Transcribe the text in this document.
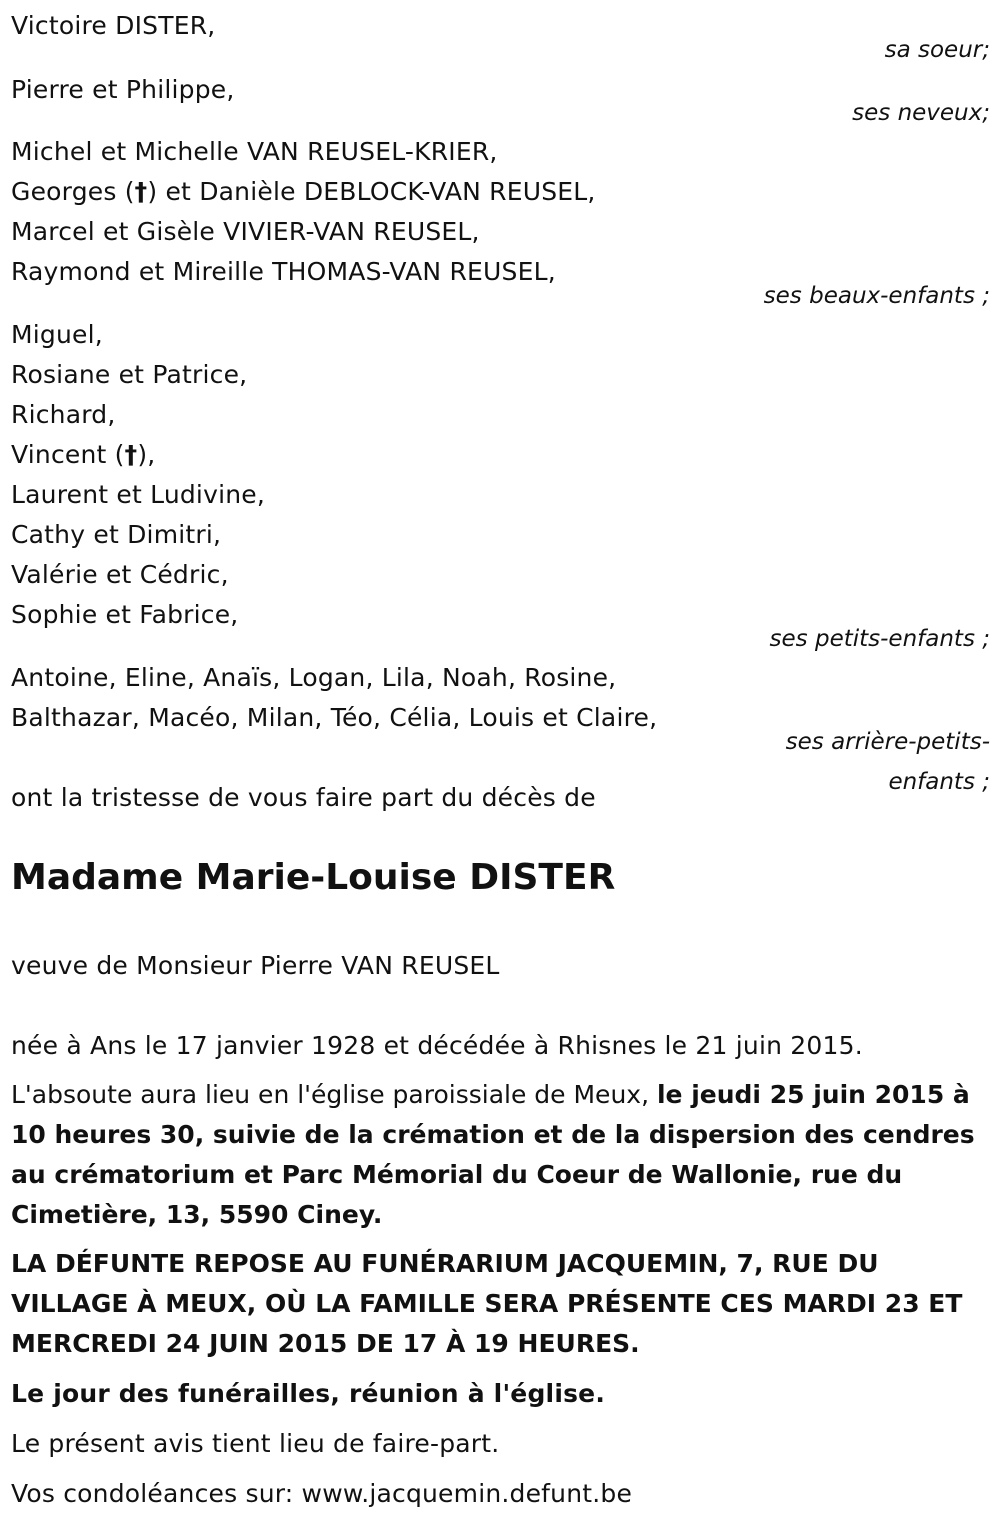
Victoire DISTER,
sa soeur;
Pierre et Philippe,
ses neveux;
Michel et Michelle VAN REUSEL-KRIER,
Georges (†) et Danièle DEBLOCK-VAN REUSEL,
Marcel et Gisèle VIVIER-VAN REUSEL,
Raymond et Mireille THOMAS-VAN REUSEL,
ses beaux-enfants ;
Miguel,
Rosiane et Patrice,
Richard,
Vincent (†),
Laurent et Ludivine,
Cathy et Dimitri,
Valérie et Cédric,
Sophie et Fabrice,
ses petits-enfants ;
Antoine, Eline, Anaïs, Logan, Lila, Noah, Rosine,
Balthazar, Macéo, Milan, Téo, Célia, Louis et Claire,
ses arrière-petits-
enfants ;
ont la tristesse de vous faire part du décès de
Madame Marie-Louise DISTER
veuve de Monsieur Pierre VAN REUSEL
née à Ans le 17 janvier 1928 et décédée à Rhisnes le 21 juin 2015.
L'absoute aura lieu en l'église paroissiale de Meux, le jeudi 25 juin 2015 à 10 heures 30, suivie de la crémation et de la dispersion des cendres au crématorium et Parc Mémorial du Coeur de Wallonie, rue du Cimetière, 13, 5590 Ciney.
LA DÉFUNTE REPOSE AU FUNÉRARIUM JACQUEMIN, 7, RUE DU VILLAGE À MEUX, OÙ LA FAMILLE SERA PRÉSENTE CES MARDI 23 ET MERCREDI 24 JUIN 2015 DE 17 À 19 HEURES.
Le jour des funérailles, réunion à l'église.
Le présent avis tient lieu de faire-part.
Vos condoléances sur: www.jacquemin.defunt.be
